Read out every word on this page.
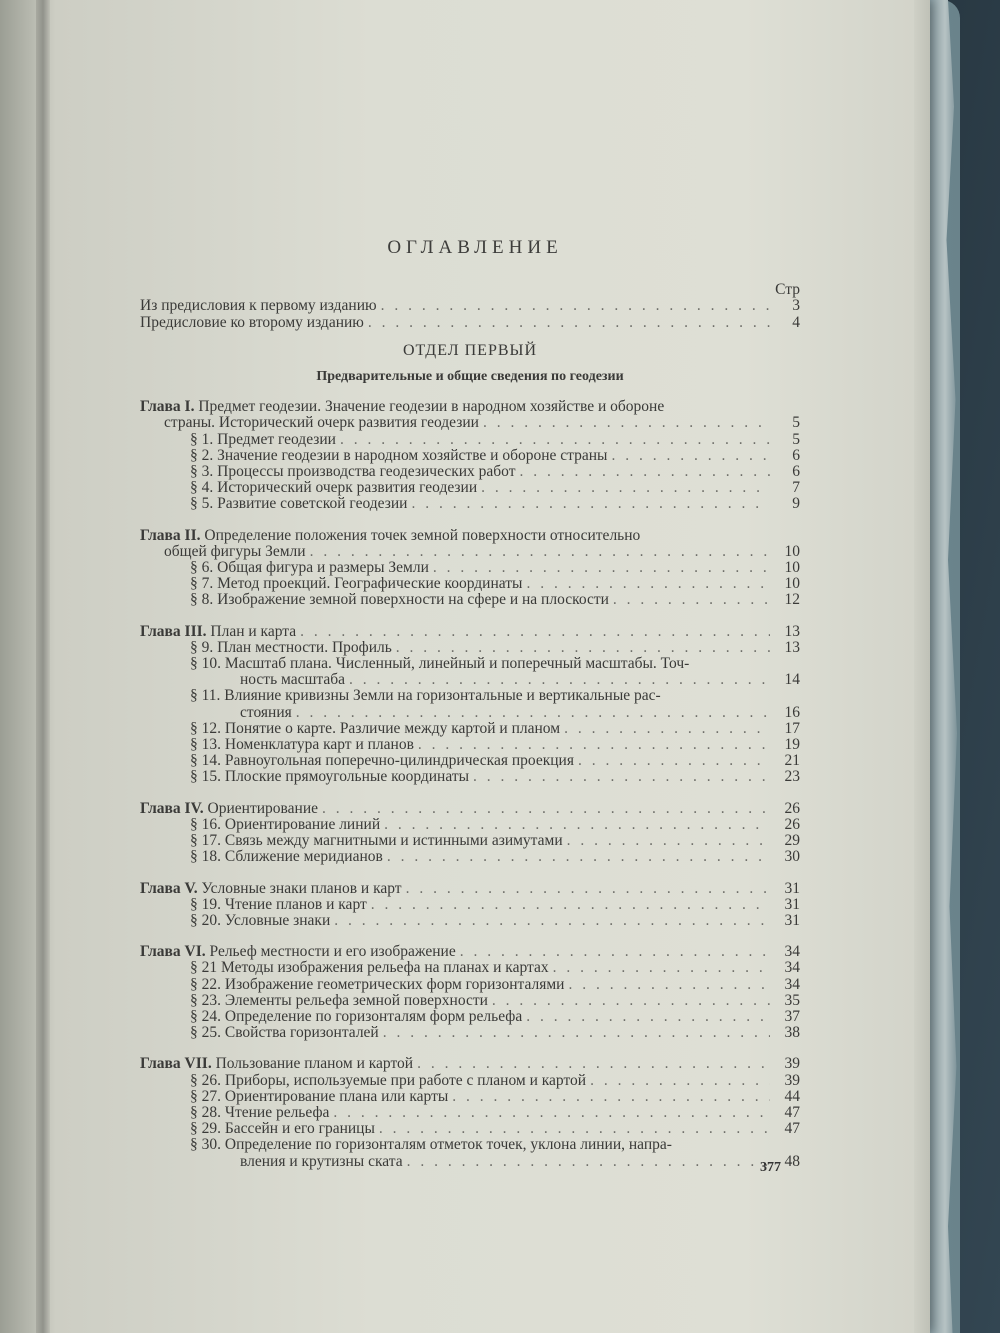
ОГЛАВЛЕНИЕ
Стр
Из предисловия к первому изданию . . .	3
Предисловие ко второму изданию . . .	4
ОТДЕЛ ПЕРВЫЙ
Предварительные и общие сведения по геодезии
Глава I. Предмет геодезии. Значение геодезии в народном хозяйстве и обороне
страны. Исторический очерк развития геодезии . . .	5
§ 1. Предмет геодезии . . .	5
§ 2. Значение геодезии в народном хозяйстве и обороне страны . . .	6
§ 3. Процессы производства геодезических работ . . .	6
§ 4. Исторический очерк развития геодезии . . .	7
§ 5. Развитие советской геодезии . . .	9
Глава II. Определение положения точек земной поверхности относительно
общей фигуры Земли . . .	10
§ 6. Общая фигура и размеры Земли . . .	10
§ 7. Метод проекций. Географические координаты . . .	10
§ 8. Изображение земной поверхности на сфере и на плоскости . . .	12
Глава III. План и карта . . .	13
§ 9. План местности. Профиль . . .	13
§ 10. Масштаб плана. Численный, линейный и поперечный масштабы. Точ-
ность масштаба . . .	14
§ 11. Влияние кривизны Земли на горизонтальные и вертикальные рас-
стояния . . .	16
§ 12. Понятие о карте. Различие между картой и планом . . .	17
§ 13. Номенклатура карт и планов . . .	19
§ 14. Равноугольная поперечно-цилиндрическая проекция . . .	21
§ 15. Плоские прямоугольные координаты . . .	23
Глава IV. Ориентирование . . .	26
§ 16. Ориентирование линий . . .	26
§ 17. Связь между магнитными и истинными азимутами . . .	29
§ 18. Сближение меридианов . . .	30
Глава V. Условные знаки планов и карт . . .	31
§ 19. Чтение планов и карт . . .	31
§ 20. Условные знаки . . .	31
Глава VI. Рельеф местности и его изображение . . .	34
§ 21 Методы изображения рельефа на планах и картах . . .	34
§ 22. Изображение геометрических форм горизонталями . . .	34
§ 23. Элементы рельефа земной поверхности . . .	35
§ 24. Определение по горизонталям форм рельефа . . .	37
§ 25. Свойства горизонталей . . .	38
Глава VII. Пользование планом и картой . . .	39
§ 26. Приборы, используемые при работе с планом и картой . . .	39
§ 27. Ориентирование плана или карты . . .	44
§ 28. Чтение рельефа . . .	47
§ 29. Бассейн и его границы . . .	47
§ 30. Определение по горизонталям отметок точек, уклона линии, напра-
вления и крутизны ската . . .	48
377
